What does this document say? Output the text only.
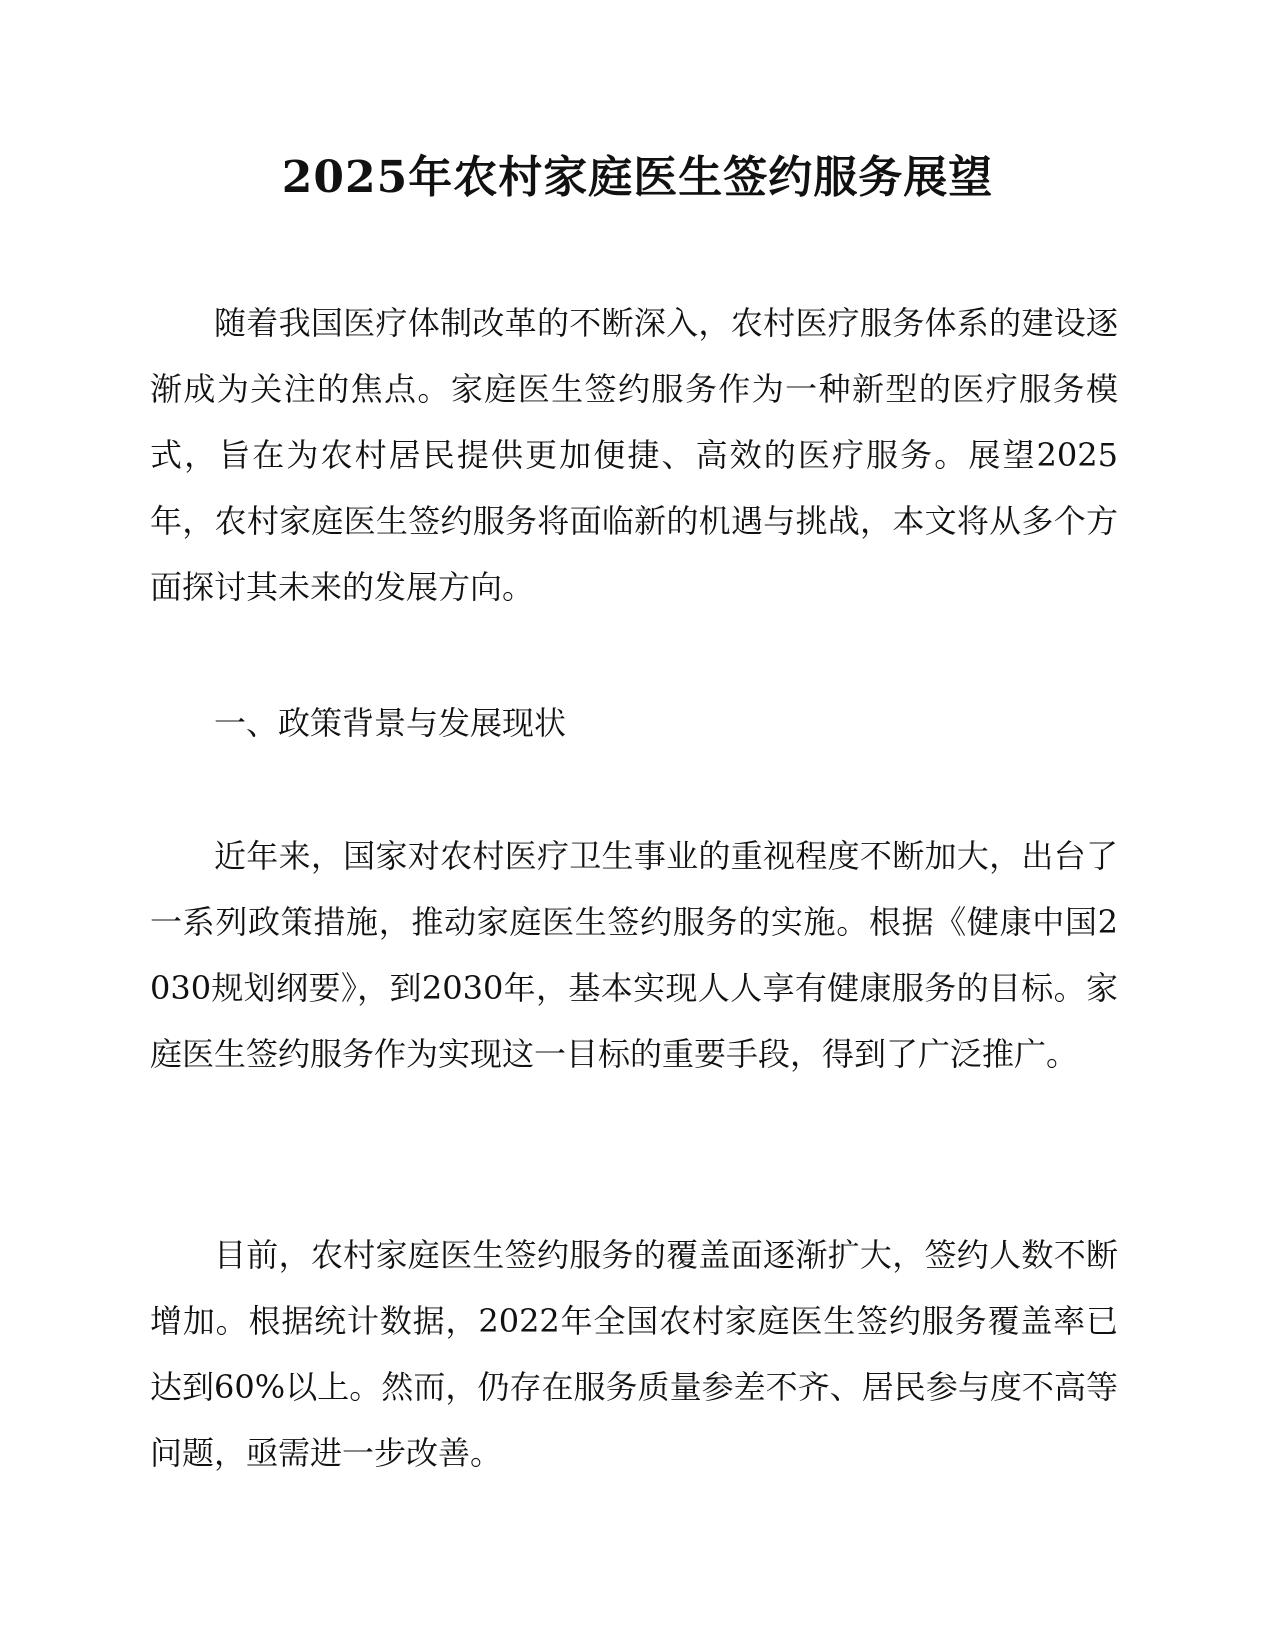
2025年农村家庭医生签约服务展望

随着我国医疗体制改革的不断深入，农村医疗服务体系的建设逐渐成为关注的焦点。家庭医生签约服务作为一种新型的医疗服务模式，旨在为农村居民提供更加便捷、高效的医疗服务。展望2025年，农村家庭医生签约服务将面临新的机遇与挑战，本文将从多个方面探讨其未来的发展方向。

一、政策背景与发展现状

近年来，国家对农村医疗卫生事业的重视程度不断加大，出台了一系列政策措施，推动家庭医生签约服务的实施。根据《健康中国2030规划纲要》，到2030年，基本实现人人享有健康服务的目标。家庭医生签约服务作为实现这一目标的重要手段，得到了广泛推广。

目前，农村家庭医生签约服务的覆盖面逐渐扩大，签约人数不断增加。根据统计数据，2022年全国农村家庭医生签约服务覆盖率已达到60%以上。然而，仍存在服务质量参差不齐、居民参与度不高等问题，亟需进一步改善。
